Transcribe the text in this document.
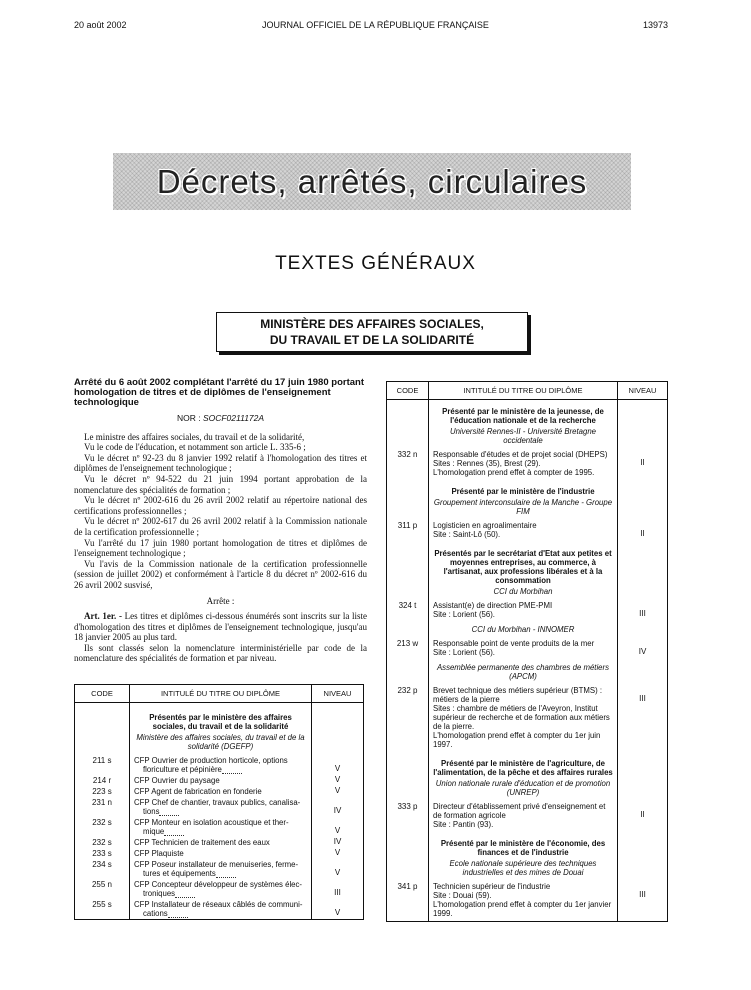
20 août 2002	JOURNAL OFFICIEL DE LA RÉPUBLIQUE FRANÇAISE	13973
Décrets, arrêtés, circulaires
TEXTES GÉNÉRAUX
MINISTÈRE DES AFFAIRES SOCIALES,
DU TRAVAIL ET DE LA SOLIDARITÉ
Arrêté du 6 août 2002 complétant l'arrêté du 17 juin 1980 portant homologation de titres et de diplômes de l'enseignement technologique
NOR : SOCF0211172A

Le ministre des affaires sociales, du travail et de la solidarité,

Vu le code de l'éducation, et notamment son article L. 335-6 ;

Vu le décret nº 92-23 du 8 janvier 1992 relatif à l'homologation des titres et diplômes de l'enseignement technologique ;

Vu le décret nº 94-522 du 21 juin 1994 portant approbation de la nomenclature des spécialités de formation ;

Vu le décret nº 2002-616 du 26 avril 2002 relatif au répertoire national des certifications professionnelles ;

Vu le décret nº 2002-617 du 26 avril 2002 relatif à la Commission nationale de la certification professionnelle ;

Vu l'arrêté du 17 juin 1980 portant homologation de titres et diplômes de l'enseignement technologique ;

Vu l'avis de la Commission nationale de la certification professionnelle (session de juillet 2002) et conformément à l'article 8 du décret nº 2002-616 du 26 avril 2002 susvisé,

Arrête :

Art. 1er. - Les titres et diplômes ci-dessous énumérés sont inscrits sur la liste d'homologation des titres et diplômes de l'enseignement technologique, jusqu'au 18 janvier 2005 au plus tard.

Ils sont classés selon la nomenclature interministérielle par code de la nomenclature des spécialités de formation et par niveau.

CODE	INTITULÉ DU TITRE OU DIPLÔME	NIVEAU

	Présentés par le ministère des affaires sociales, du travail et de la solidarité
Ministère des affaires sociales, du travail et de la solidarité (DGEFP)	

211 s	CFP Ouvrier de production horticole, options
floriculture et pépinière	V
214 r	CFP Ouvrier du paysage	V
223 s	CFP Agent de fabrication en fonderie	V
231 n	CFP Chef de chantier, travaux publics, canalisa-
tions	IV
232 s	CFP Monteur en isolation acoustique et ther-
mique	V
232 s	CFP Technicien de traitement des eaux	IV
233 s	CFP Plaquiste	V
234 s	CFP Poseur installateur de menuiseries, ferme-
tures et équipements	V
255 n	CFP Concepteur développeur de systèmes élec-
troniques	III
255 s	CFP Installateur de réseaux câblés de communi-
cations	V
CODE	INTITULÉ DU TITRE OU DIPLÔME	NIVEAU

	Présenté par le ministère de la jeunesse, de l'éducation nationale et de la recherche
Université Rennes-II - Université Bretagne occidentale	

332 n	Responsable d'études et de projet social (DHEPS)
Sites : Rennes (35), Brest (29).
L'homologation prend effet à compter de 1995.	II

	Présenté par le ministère de l'industrie
Groupement interconsulaire de la Manche - Groupe FIM	

311 p	Logisticien en agroalimentaire
Site : Saint-Lô (50).	II

	Présentés par le secrétariat d'Etat aux petites et moyennes entreprises, au commerce, à l'artisanat, aux professions libérales et à la consommation
CCI du Morbihan	

324 t	Assistant(e) de direction PME-PMI
Site : Lorient (56).	III

	CCI du Morbihan - INNOMER	

213 w	Responsable point de vente produits de la mer
Site : Lorient (56).	IV

	Assemblée permanente des chambres de métiers (APCM)	

232 p	Brevet technique des métiers supérieur (BTMS) : métiers de la pierre
Sites : chambre de métiers de l'Aveyron, Institut supérieur de recherche et de formation aux métiers de la pierre.
L'homologation prend effet à compter du 1er juin 1997.	III

	Présenté par le ministère de l'agriculture, de l'alimentation, de la pêche et des affaires rurales
Union nationale rurale d'éducation et de promotion (UNREP)	

333 p	Directeur d'établissement privé d'enseignement et de formation agricole
Site : Pantin (93).	II

	Présenté par le ministère de l'économie, des finances et de l'industrie
Ecole nationale supérieure des techniques industrielles et des mines de Douai	

341 p	Technicien supérieur de l'industrie
Site : Douai (59).
L'homologation prend effet à compter du 1er janvier 1999.	III
